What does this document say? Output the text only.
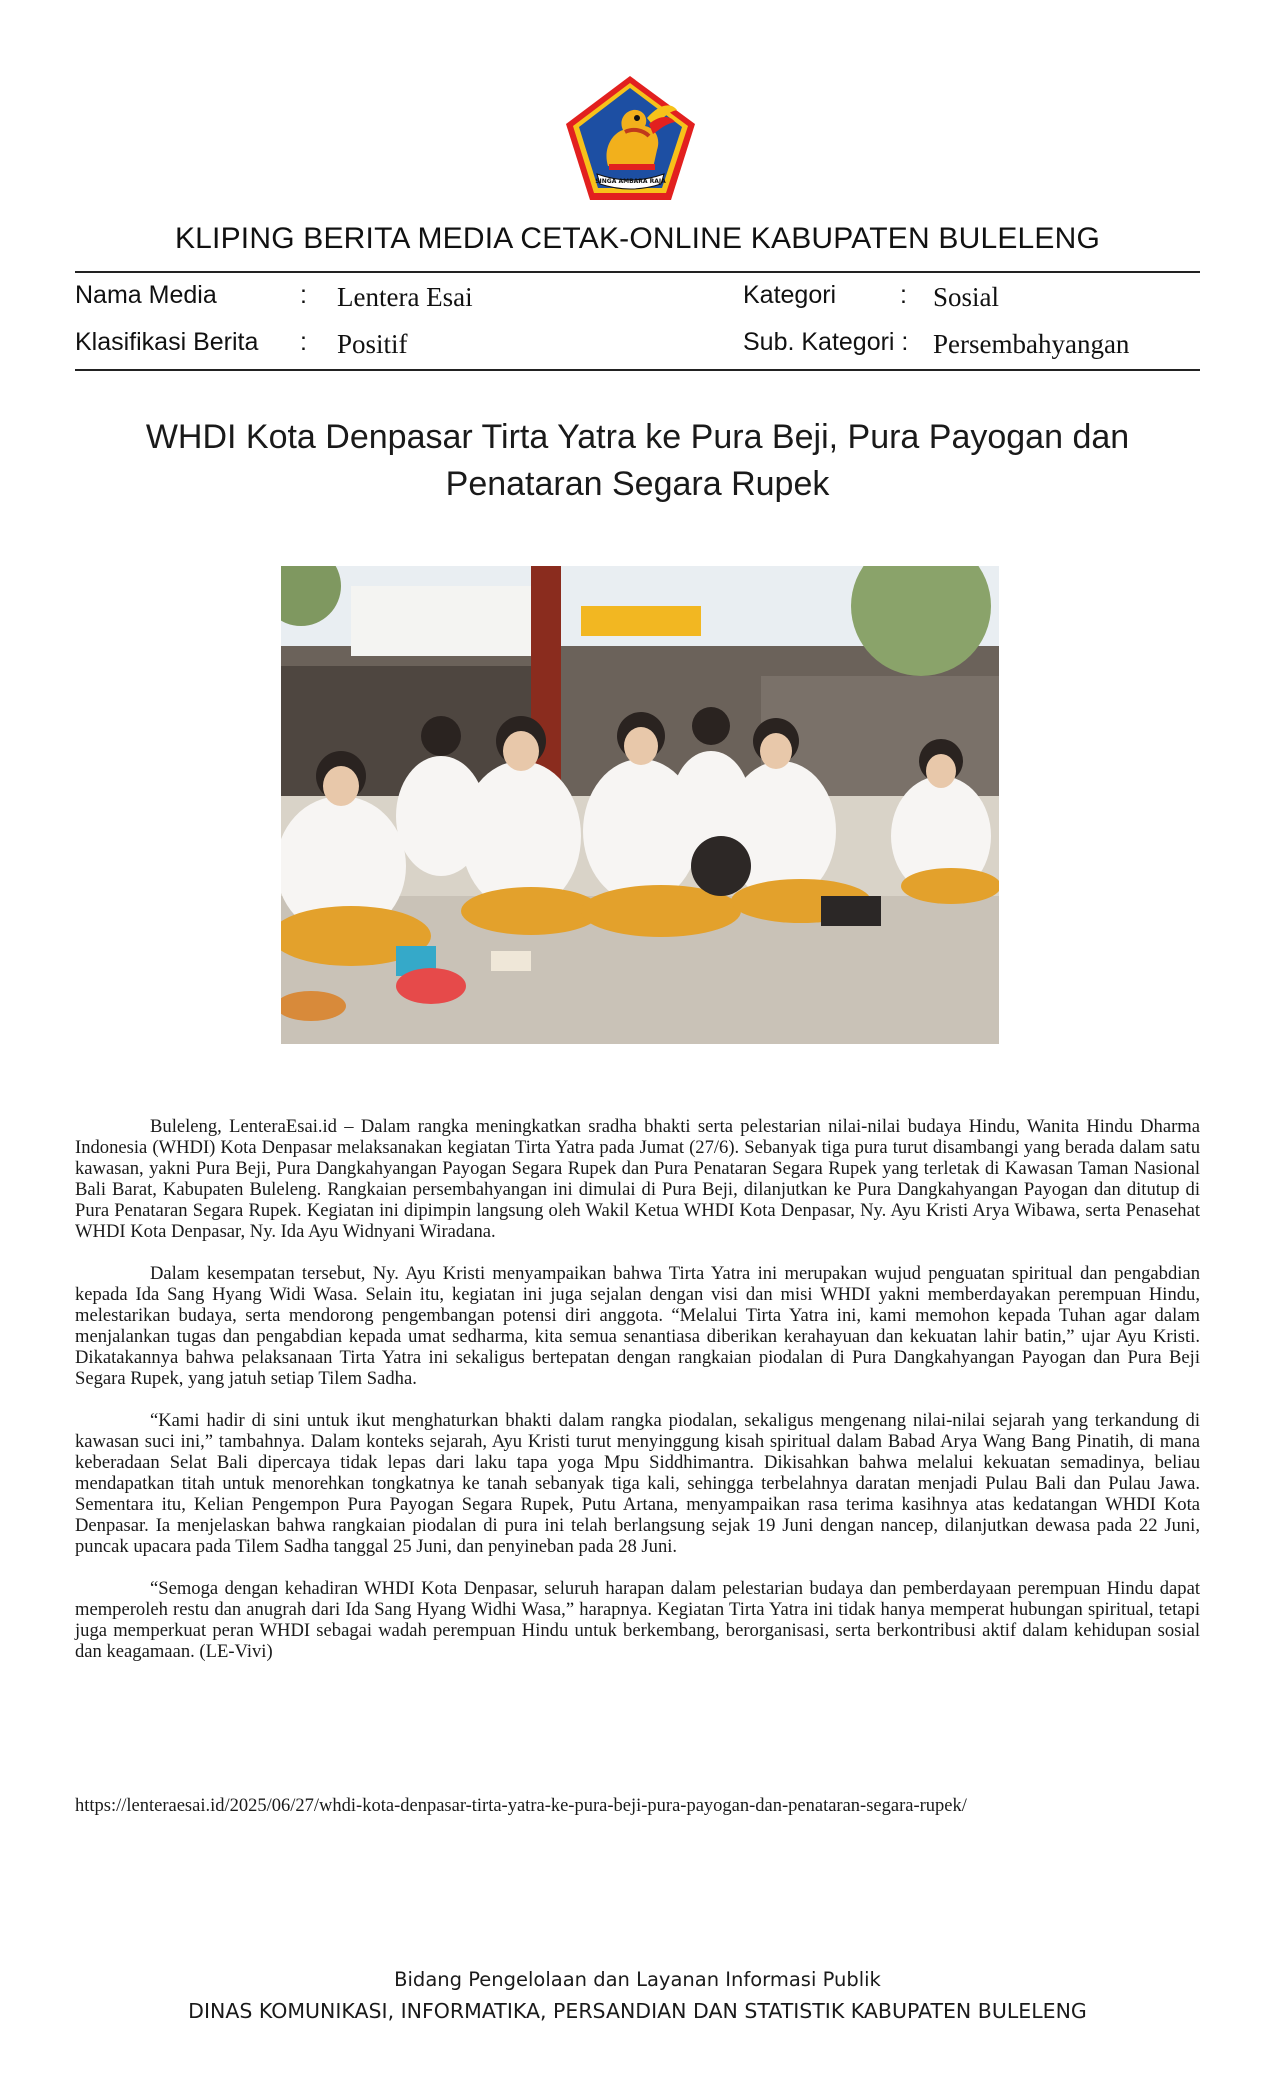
SINGA AMBARA RAJA
KLIPING BERITA MEDIA CETAK-ONLINE KABUPATEN BULELENG
Nama Media	: Lentera Esai	Kategori	: Sosial
Klasifikasi Berita : Positif	Sub. Kategori : Persembahyangan
WHDI Kota Denpasar Tirta Yatra ke Pura Beji, Pura Payogan dan
Penataran Segara Rupek

Buleleng, LenteraEsai.id – Dalam rangka meningkatkan sradha bhakti serta pelestarian nilai-nilai budaya Hindu, Wanita Hindu Dharma Indonesia (WHDI) Kota Denpasar melaksanakan kegiatan Tirta Yatra pada Jumat (27/6). Sebanyak tiga pura turut disambangi yang berada dalam satu kawasan, yakni Pura Beji, Pura Dangkahyangan Payogan Segara Rupek dan Pura Penataran Segara Rupek yang terletak di Kawasan Taman Nasional Bali Barat, Kabupaten Buleleng. Rangkaian persembahyangan ini dimulai di Pura Beji, dilanjutkan ke Pura Dangkahyangan Payogan dan ditutup di Pura Penataran Segara Rupek. Kegiatan ini dipimpin langsung oleh Wakil Ketua WHDI Kota Denpasar, Ny. Ayu Kristi Arya Wibawa, serta Penasehat WHDI Kota Denpasar, Ny. Ida Ayu Widnyani Wiradana.

Dalam kesempatan tersebut, Ny. Ayu Kristi menyampaikan bahwa Tirta Yatra ini merupakan wujud penguatan spiritual dan pengabdian kepada Ida Sang Hyang Widi Wasa. Selain itu, kegiatan ini juga sejalan dengan visi dan misi WHDI yakni memberdayakan perempuan Hindu, melestarikan budaya, serta mendorong pengembangan potensi diri anggota. “Melalui Tirta Yatra ini, kami memohon kepada Tuhan agar dalam menjalankan tugas dan pengabdian kepada umat sedharma, kita semua senantiasa diberikan kerahayuan dan kekuatan lahir batin,” ujar Ayu Kristi. Dikatakannya bahwa pelaksanaan Tirta Yatra ini sekaligus bertepatan dengan rangkaian piodalan di Pura Dangkahyangan Payogan dan Pura Beji Segara Rupek, yang jatuh setiap Tilem Sadha.

“Kami hadir di sini untuk ikut menghaturkan bhakti dalam rangka piodalan, sekaligus mengenang nilai-nilai sejarah yang terkandung di kawasan suci ini,” tambahnya. Dalam konteks sejarah, Ayu Kristi turut menyinggung kisah spiritual dalam Babad Arya Wang Bang Pinatih, di mana keberadaan Selat Bali dipercaya tidak lepas dari laku tapa yoga Mpu Siddhimantra. Dikisahkan bahwa melalui kekuatan semadinya, beliau mendapatkan titah untuk menorehkan tongkatnya ke tanah sebanyak tiga kali, sehingga terbelahnya daratan menjadi Pulau Bali dan Pulau Jawa. Sementara itu, Kelian Pengempon Pura Payogan Segara Rupek, Putu Artana, menyampaikan rasa terima kasihnya atas kedatangan WHDI Kota Denpasar. Ia menjelaskan bahwa rangkaian piodalan di pura ini telah berlangsung sejak 19 Juni dengan nancep, dilanjutkan dewasa pada 22 Juni, puncak upacara pada Tilem Sadha tanggal 25 Juni, dan penyineban pada 28 Juni.

“Semoga dengan kehadiran WHDI Kota Denpasar, seluruh harapan dalam pelestarian budaya dan pemberdayaan perempuan Hindu dapat memperoleh restu dan anugrah dari Ida Sang Hyang Widhi Wasa,” harapnya. Kegiatan Tirta Yatra ini tidak hanya memperat hubungan spiritual, tetapi juga memperkuat peran WHDI sebagai wadah perempuan Hindu untuk berkembang, berorganisasi, serta berkontribusi aktif dalam kehidupan sosial dan keagamaan. (LE-Vivi)

https://lenteraesai.id/2025/06/27/whdi-kota-denpasar-tirta-yatra-ke-pura-beji-pura-payogan-dan-penataran-segara-rupek/
Bidang Pengelolaan dan Layanan Informasi Publik
DINAS KOMUNIKASI, INFORMATIKA, PERSANDIAN DAN STATISTIK KABUPATEN BULELENG
